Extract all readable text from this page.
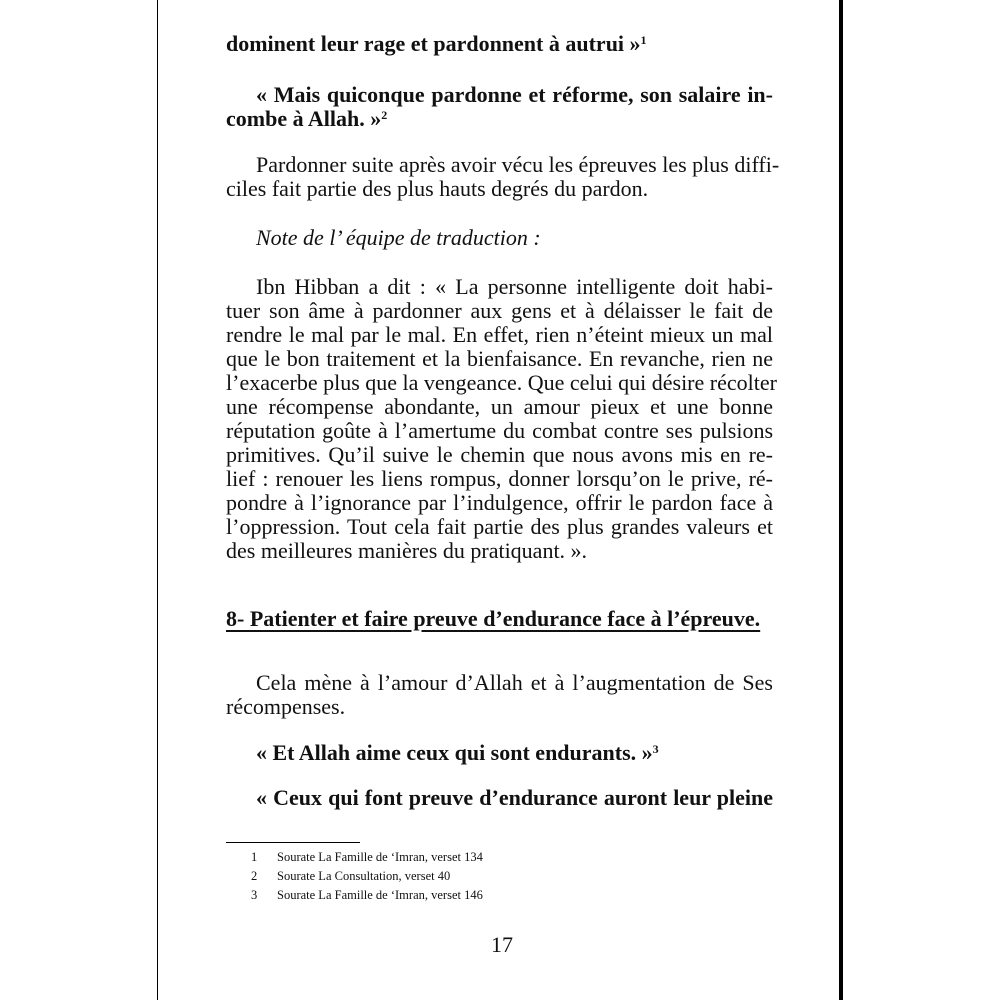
dominent leur rage et pardonnent à autrui »$^1$
« Mais quiconque pardonne et réforme, son salaire in-
combe à Allah. »$^2$
Pardonner suite après avoir vécu les épreuves les plus diffi-
ciles fait partie des plus hauts degrés du pardon.
Note de l’ équipe de traduction :
Ibn Hibban a dit : « La personne intelligente doit habi-
tuer son âme à pardonner aux gens et à délaisser le fait de
rendre le mal par le mal. En effet, rien n’éteint mieux un mal
que le bon traitement et la bienfaisance. En revanche, rien ne
l’exacerbe plus que la vengeance. Que celui qui désire récolter
une récompense abondante, un amour pieux et une bonne
réputation goûte à l’amertume du combat contre ses pulsions
primitives. Qu’il suive le chemin que nous avons mis en re-
lief : renouer les liens rompus, donner lorsqu’on le prive, ré-
pondre à l’ignorance par l’indulgence, offrir le pardon face à
l’oppression. Tout cela fait partie des plus grandes valeurs et
des meilleures manières du pratiquant. ».
8- Patienter et faire preuve d’endurance face à l’épreuve.
Cela mène à l’amour d’Allah et à l’augmentation de Ses
récompenses.
« Et Allah aime ceux qui sont endurants. »$^3$
« Ceux qui font preuve d’endurance auront leur pleine
1 Sourate La Famille de ‘Imran, verset 134
2 Sourate La Consultation, verset 40
3 Sourate La Famille de ‘Imran, verset 146
17
